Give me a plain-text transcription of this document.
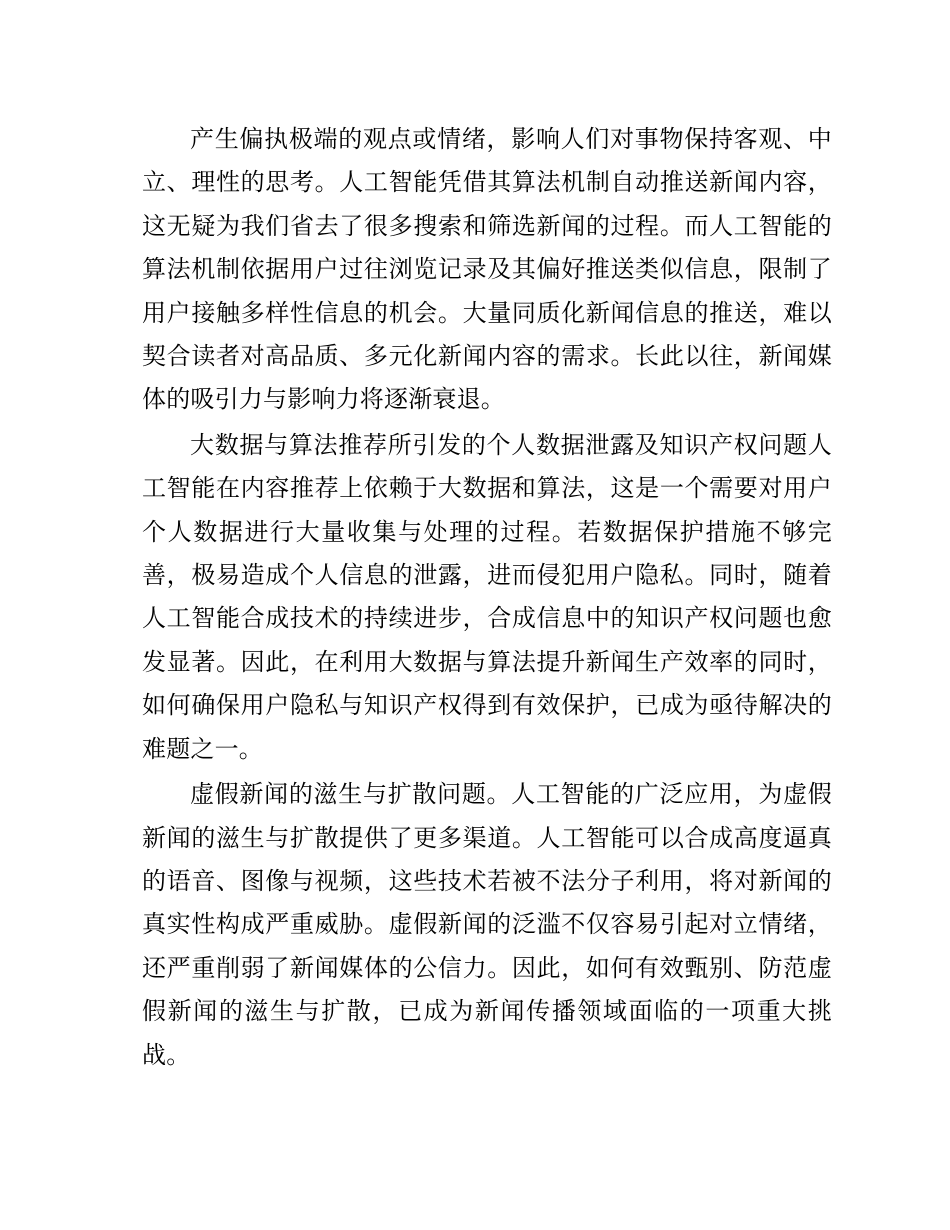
产生偏执极端的观点或情绪，影响人们对事物保持客观、中立、理性的思考。人工智能凭借其算法机制自动推送新闻内容，这无疑为我们省去了很多搜索和筛选新闻的过程。而人工智能的算法机制依据用户过往浏览记录及其偏好推送类似信息，限制了用户接触多样性信息的机会。大量同质化新闻信息的推送，难以契合读者对高品质、多元化新闻内容的需求。长此以往，新闻媒体的吸引力与影响力将逐渐衰退。

大数据与算法推荐所引发的个人数据泄露及知识产权问题人工智能在内容推荐上依赖于大数据和算法，这是一个需要对用户个人数据进行大量收集与处理的过程。若数据保护措施不够完善，极易造成个人信息的泄露，进而侵犯用户隐私。同时，随着人工智能合成技术的持续进步，合成信息中的知识产权问题也愈发显著。因此，在利用大数据与算法提升新闻生产效率的同时，如何确保用户隐私与知识产权得到有效保护，已成为亟待解决的难题之一。

虚假新闻的滋生与扩散问题。人工智能的广泛应用，为虚假新闻的滋生与扩散提供了更多渠道。人工智能可以合成高度逼真的语音、图像与视频，这些技术若被不法分子利用，将对新闻的真实性构成严重威胁。虚假新闻的泛滥不仅容易引起对立情绪，还严重削弱了新闻媒体的公信力。因此，如何有效甄别、防范虚假新闻的滋生与扩散，已成为新闻传播领域面临的一项重大挑战。
